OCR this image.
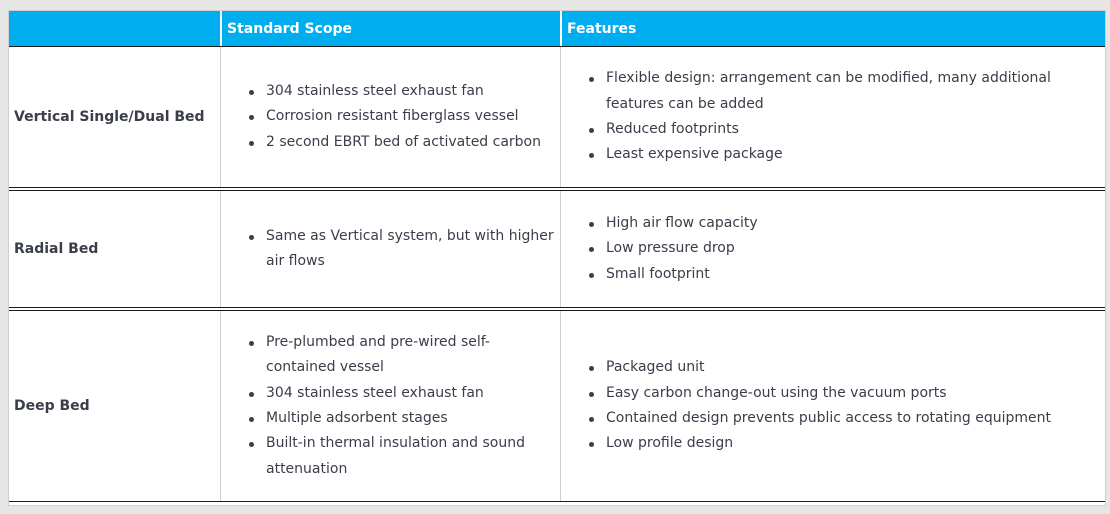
Standard Scope	Features
Vertical Single/Dual Bed
304 stainless steel exhaust fan
Corrosion resistant fiberglass vessel
2 second EBRT bed of activated carbon
Flexible design: arrangement can be modified, many additional features can be added
Reduced footprints
Least expensive package
Radial Bed
Same as Vertical system, but with higher air flows
High air flow capacity
Low pressure drop
Small footprint
Deep Bed
Pre-plumbed and pre-wired self-contained vessel
304 stainless steel exhaust fan
Multiple adsorbent stages
Built-in thermal insulation and sound attenuation
Packaged unit
Easy carbon change-out using the vacuum ports
Contained design prevents public access to rotating equipment
Low profile design
